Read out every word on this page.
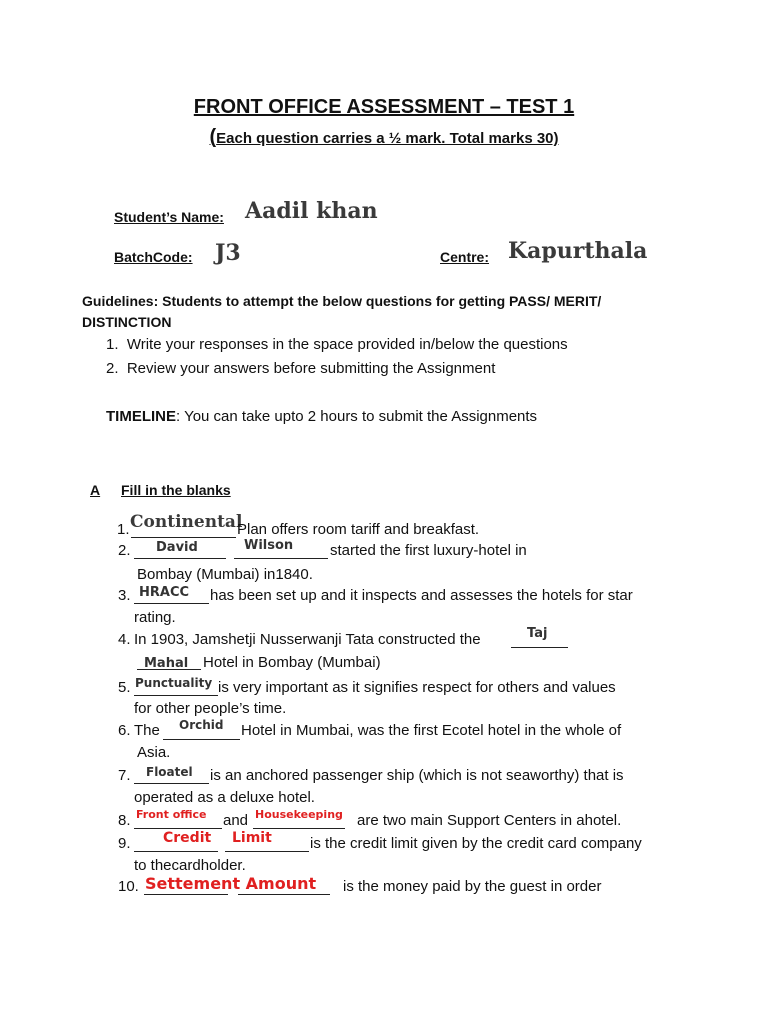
FRONT OFFICE ASSESSMENT – TEST 1
(Each question carries a ½ mark. Total marks 30)
Student’s Name: Aadil khan
BatchCode: J3	Centre: Kapurthala
Guidelines: Students to attempt the below questions for getting PASS/ MERIT/
DISTINCTION
1.  Write your responses in the space provided in/below the questions
2.  Review your answers before submitting the Assignment
TIMELINE: You can take upto 2 hours to submit the Assignments
A Fill in the blanks
1. Continental
Plan offers room tariff and breakfast.
2. David	Wilson started the first luxury-hotel in
Bombay (Mumbai) in1840.
3. HRACC has been set up and it inspects and assesses the hotels for star
rating.
4. In 1903, Jamshetji Nusserwanji Tata constructed the	Taj
Mahal Hotel in Bombay (Mumbai)
5. Punctuality is very important as it signifies respect for others and values
for other people’s time.
6. The Orchid Hotel in Mumbai, was the first Ecotel hotel in the whole of
Asia.
7. Floatel is an anchored passenger ship (which is not seaworthy) that is
operated as a deluxe hotel.
8. Front office and Housekeeping are two main Support Centers in ahotel.
9. Credit Limit	is the credit limit given by the credit card company
to thecardholder.
10. Settement Amount is the money paid by the guest in order
